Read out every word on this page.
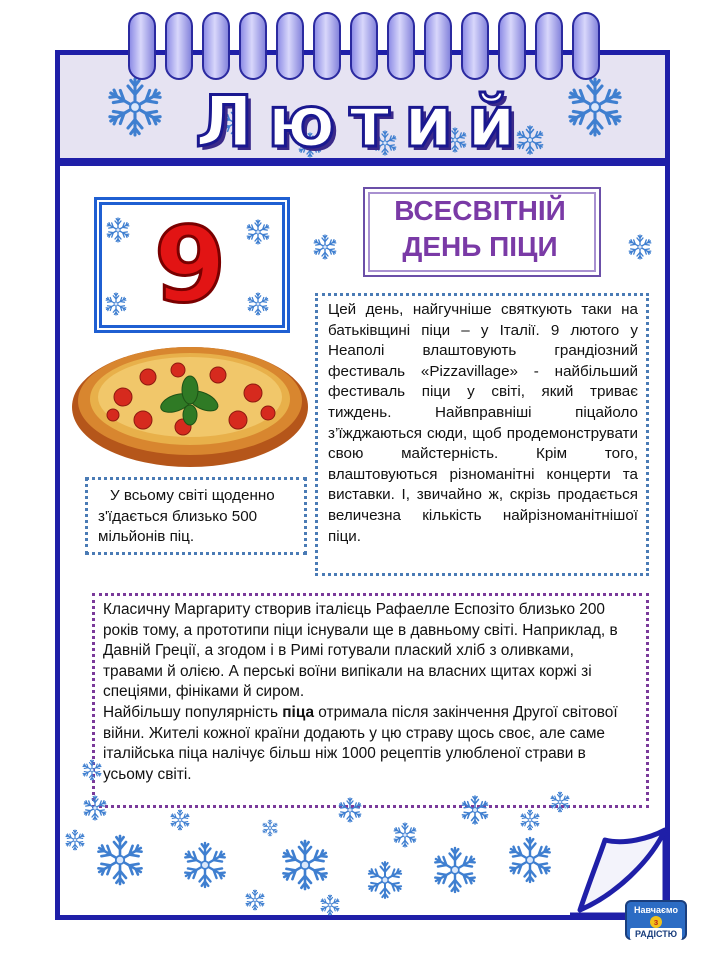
Лютий
9	ВСЕСВІТНІЙ
ДЕНЬ ПІЦИ
Цей день, найгучніше святкують таки на батьківщині піци – у Італії. 9 лютого у Неаполі влаштовують грандіозний фестиваль «Pizzavillage» - найбільший фестиваль піци у світі, який триває тиждень. Найвправніші піцайоло з’їжджаються сюди, щоб продемонструвати свою майстерність. Крім того, влаштовуються різноманітні концерти та виставки. І, звичайно ж, скрізь продається величезна кількість найрізноманітнішої піци.
У всьому світі щоденно з'їдається близько 500 мільйонів піц.
Класичну Маргариту створив італієць Рафаелле Еспозіто близько 200 років тому, а прототипи піци існували ще в давньому світі. Наприклад, в Давній Греції, а згодом і в Римі готували плаский хліб з оливками, травами й олією. А перські воїни випікали на власних щитах коржі зі спеціями, фініками й сиром.
Найбільшу популярність піца отримала після закінчення Другої світової війни. Жителі кожної країни додають у цю страву щось своє, але саме італійська піца налічує більш ніж 1000 рецептів улюбленої страви в усьому світі.
Навчаємо
з
РАДІСТЮ
